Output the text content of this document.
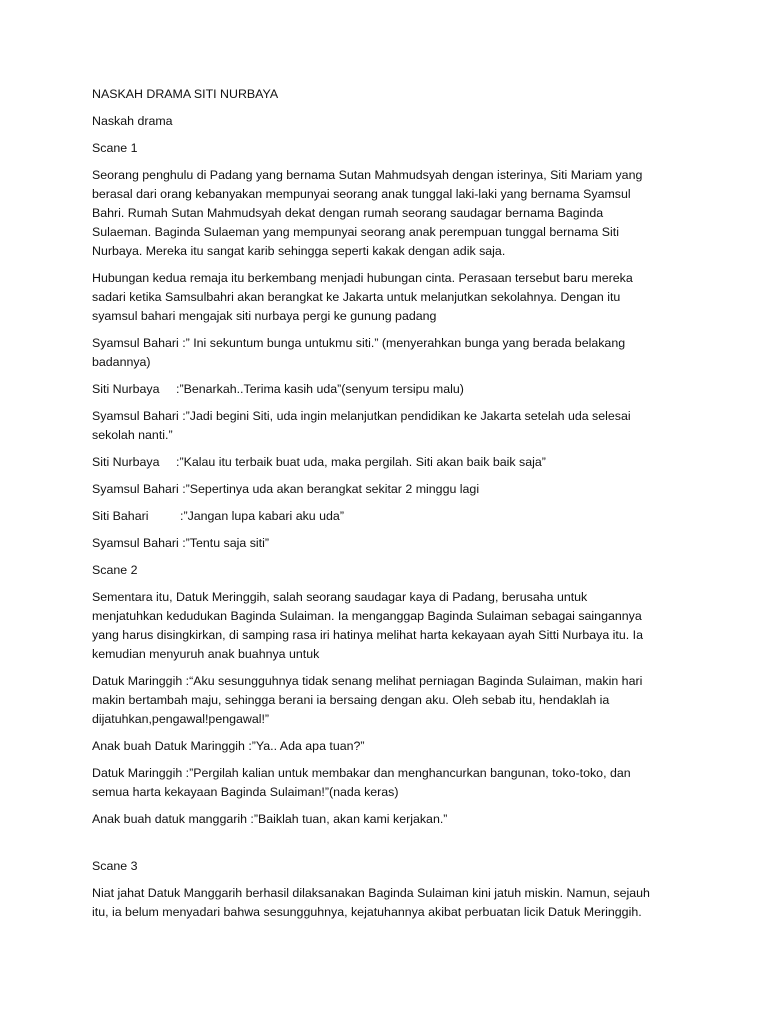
NASKAH DRAMA SITI NURBAYA

Naskah drama

Scane 1

Seorang penghulu di Padang yang bernama Sutan Mahmudsyah dengan isterinya, Siti Mariam yang
berasal dari orang kebanyakan mempunyai seorang anak tunggal laki-laki yang bernama Syamsul
Bahri. Rumah Sutan Mahmudsyah dekat dengan rumah seorang saudagar bernama Baginda
Sulaeman. Baginda Sulaeman yang mempunyai seorang anak perempuan tunggal bernama Siti
Nurbaya. Mereka itu sangat karib sehingga seperti kakak dengan adik saja.

Hubungan kedua remaja itu berkembang menjadi hubungan cinta. Perasaan tersebut baru mereka
sadari ketika Samsulbahri akan berangkat ke Jakarta untuk melanjutkan sekolahnya. Dengan itu
syamsul bahari mengajak siti nurbaya pergi ke gunung padang

Syamsul Bahari :” Ini sekuntum bunga untukmu siti.” (menyerahkan bunga yang berada belakang
badannya)

Siti Nurbaya :”Benarkah..Terima kasih uda”(senyum tersipu malu)

Syamsul Bahari :”Jadi begini Siti, uda ingin melanjutkan pendidikan ke Jakarta setelah uda selesai
sekolah nanti.”

Siti Nurbaya :”Kalau itu terbaik buat uda, maka pergilah. Siti akan baik baik saja”

Syamsul Bahari :”Sepertinya uda akan berangkat sekitar 2 minggu lagi

Siti Bahari	:”Jangan lupa kabari aku uda”

Syamsul Bahari :”Tentu saja siti”

Scane 2

Sementara itu, Datuk Meringgih, salah seorang saudagar kaya di Padang, berusaha untuk
menjatuhkan kedudukan Baginda Sulaiman. Ia menganggap Baginda Sulaiman sebagai saingannya
yang harus disingkirkan, di samping rasa iri hatinya melihat harta kekayaan ayah Sitti Nurbaya itu. Ia
kemudian menyuruh anak buahnya untuk

Datuk Maringgih :“Aku sesungguhnya tidak senang melihat perniagan Baginda Sulaiman, makin hari
makin bertambah maju, sehingga berani ia bersaing dengan aku. Oleh sebab itu, hendaklah ia
dijatuhkan,pengawal!pengawal!”

Anak buah Datuk Maringgih :”Ya.. Ada apa tuan?”

Datuk Maringgih :”Pergilah kalian untuk membakar dan menghancurkan bangunan, toko-toko, dan
semua harta kekayaan Baginda Sulaiman!”(nada keras)

Anak buah datuk manggarih :”Baiklah tuan, akan kami kerjakan.”

Scane 3

Niat jahat Datuk Manggarih berhasil dilaksanakan Baginda Sulaiman kini jatuh miskin. Namun, sejauh
itu, ia belum menyadari bahwa sesungguhnya, kejatuhannya akibat perbuatan licik Datuk Meringgih.
